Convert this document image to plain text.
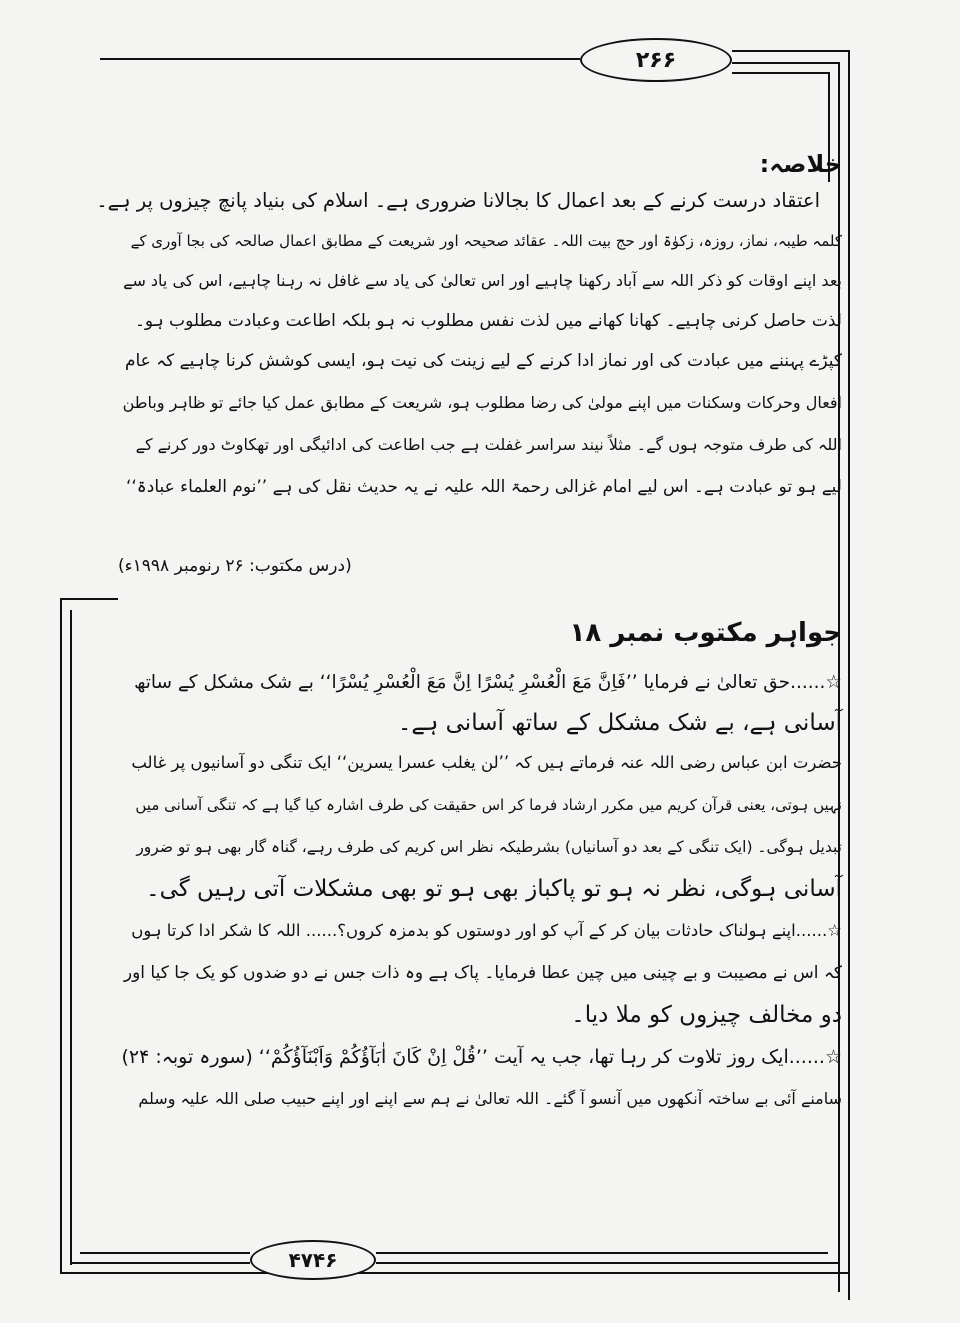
۲۶۶
۴۷۴۶
خلاصہ:
اعتقاد درست کرنے کے بعد اعمال کا بجالانا ضروری ہے۔ اسلام کی بنیاد پانچ چیزوں پر ہے۔
کلمہ طیبہ، نماز، روزہ، زکوٰۃ اور حج بیت اللہ۔ عقائد صحیحہ اور شریعت کے مطابق اعمال صالحہ کی بجا آوری کے
بعد اپنے اوقات کو ذکر اللہ سے آباد رکھنا چاہیے اور اس تعالیٰ کی یاد سے غافل نہ رہنا چاہیے، اس کی یاد سے
لذت حاصل کرنی چاہیے۔ کھانا کھانے میں لذت نفس مطلوب نہ ہو بلکہ اطاعت وعبادت مطلوب ہو۔
کپڑے پہننے میں عبادت کی اور نماز ادا کرنے کے لیے زینت کی نیت ہو، ایسی کوشش کرنا چاہیے کہ عام
افعال وحرکات وسکنات میں اپنے مولیٰ کی رضا مطلوب ہو، شریعت کے مطابق عمل کیا جائے تو ظاہر وباطن
اللہ کی طرف متوجہ ہوں گے۔ مثلاً نیند سراسر غفلت ہے جب اطاعت کی ادائیگی اور تھکاوٹ دور کرنے کے
لیے ہو تو عبادت ہے۔ اس لیے امام غزالی رحمۃ اللہ علیہ نے یہ حدیث نقل کی ہے ’’نوم العلماء عبادۃ‘‘
(درس مکتوب: ۲۶ رنومبر ۱۹۹۸ء)
جواہر مکتوب نمبر ۱۸
☆......حق تعالیٰ نے فرمایا ’’فَاِنَّ مَعَ الْعُسْرِ يُسْرًا اِنَّ مَعَ الْعُسْرِ يُسْرًا‘‘ بے شک مشکل کے ساتھ
آسانی ہے، بے شک مشکل کے ساتھ آسانی ہے۔
حضرت ابن عباس رضی اللہ عنہ فرماتے ہیں کہ ’’لن یغلب عسرا یسرین‘‘ ایک تنگی دو آسانیوں پر غالب
نہیں ہوتی، یعنی قرآن کریم میں مکرر ارشاد فرما کر اس حقیقت کی طرف اشارہ کیا گیا ہے کہ تنگی آسانی میں
تبدیل ہوگی۔ (ایک تنگی کے بعد دو آسانیاں) بشرطیکہ نظر اس کریم کی طرف رہے، گناہ گار بھی ہو تو ضرور
آسانی ہوگی، نظر نہ ہو تو پاکباز بھی ہو تو بھی مشکلات آتی رہیں گی۔
☆......اپنے ہولناک حادثات بیان کر کے آپ کو اور دوستوں کو بدمزہ کروں؟...... اللہ کا شکر ادا کرتا ہوں
کہ اس نے مصیبت و بے چینی میں چین عطا فرمایا۔ پاک ہے وہ ذات جس نے دو ضدوں کو یک جا کیا اور
دو مخالف چیزوں کو ملا دیا۔
☆......ایک روز تلاوت کر رہا تھا، جب یہ آیت ’’قُلْ اِنْ كَانَ اٰبَآؤُكُمْ وَاَبْنَآؤُكُمْ‘‘ (سورہ توبہ: ۲۴)
سامنے آئی بے ساختہ آنکھوں میں آنسو آ گئے۔ اللہ تعالیٰ نے ہم سے اپنے اور اپنے حبیب صلی اللہ علیہ وسلم
